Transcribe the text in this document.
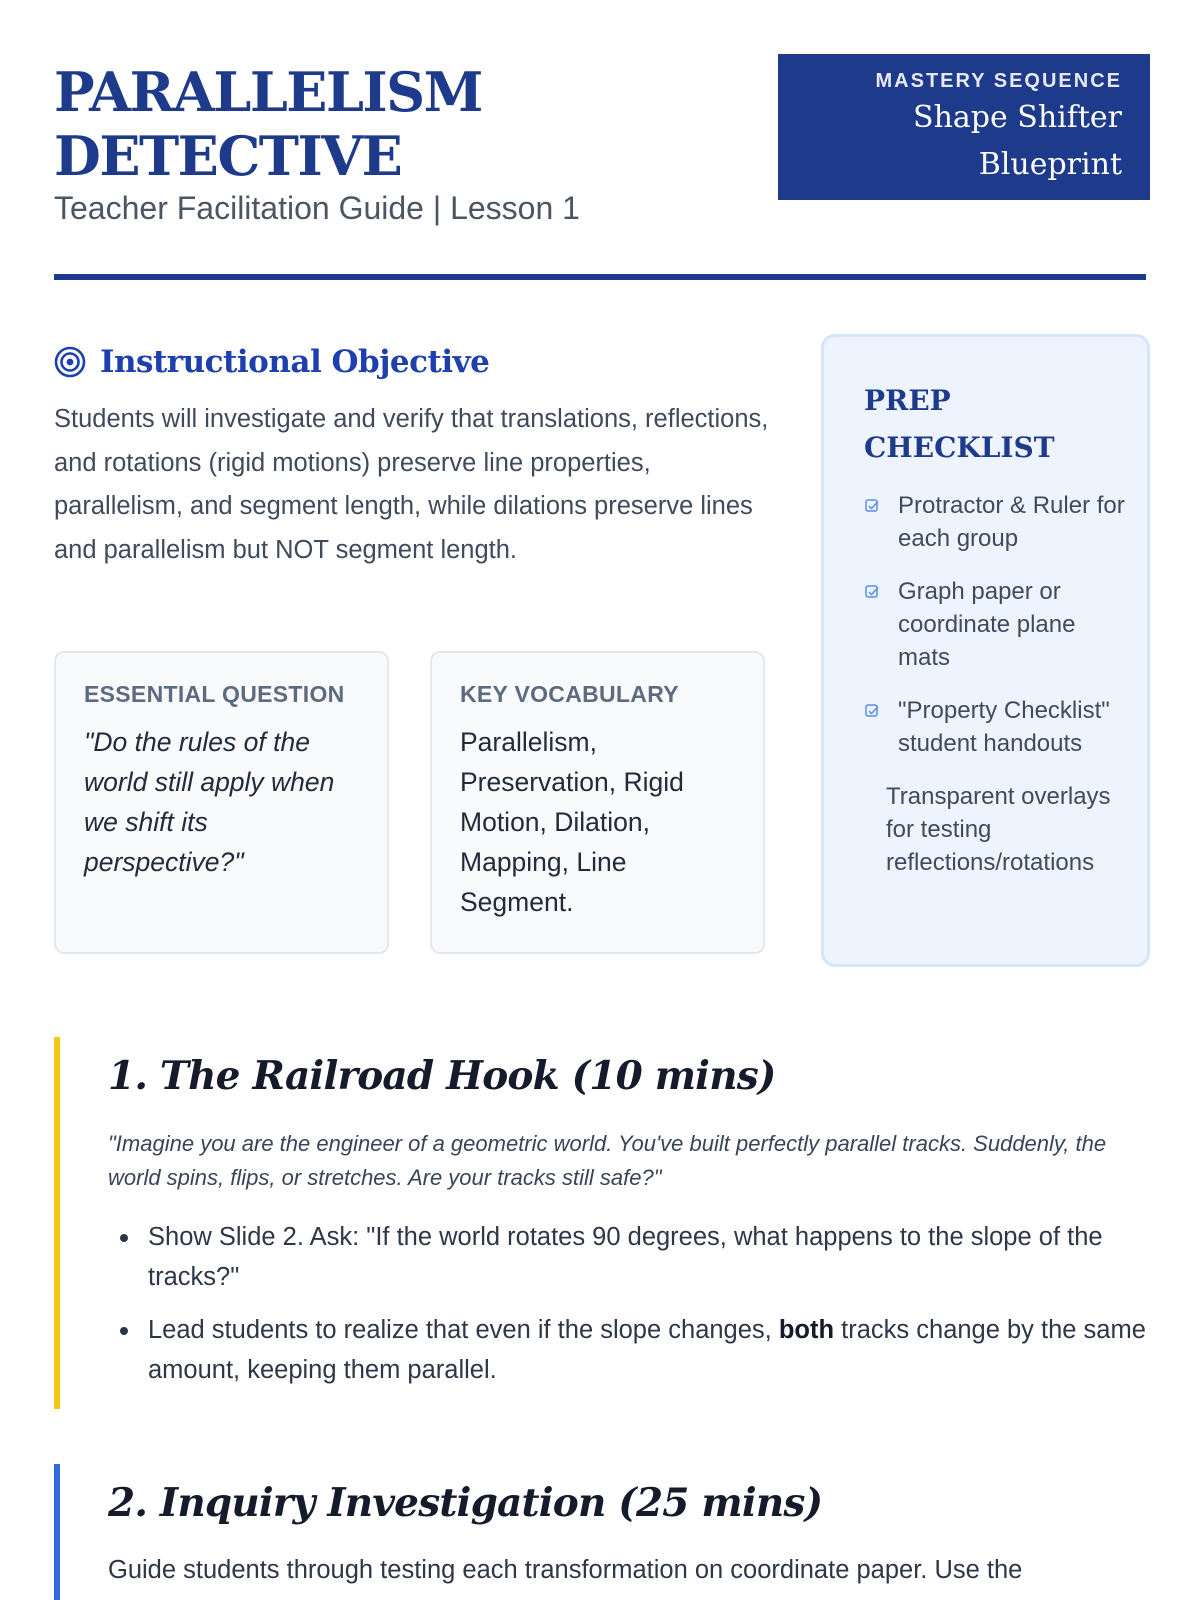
PARALLELISM
DETECTIVE
Teacher Facilitation Guide | Lesson 1
MASTERY SEQUENCE
Shape Shifter
Blueprint
Instructional Objective
Students will investigate and verify that translations, reflections, and rotations (rigid motions) preserve line properties, parallelism, and segment length, while dilations preserve lines and parallelism but NOT segment length.
ESSENTIAL QUESTION
"Do the rules of the world still apply when we shift its perspective?"
KEY VOCABULARY
Parallelism, Preservation, Rigid Motion, Dilation, Mapping, Line Segment.
PREP CHECKLIST
Protractor & Ruler for each group
Graph paper or coordinate plane mats
"Property Checklist" student handouts
Transparent overlays for testing reflections/rotations
1. The Railroad Hook (10 mins)
"Imagine you are the engineer of a geometric world. You've built perfectly parallel tracks. Suddenly, the world spins, flips, or stretches. Are your tracks still safe?"
Show Slide 2. Ask: "If the world rotates 90 degrees, what happens to the slope of the tracks?"
Lead students to realize that even if the slope changes, both tracks change by the same amount, keeping them parallel.
2. Inquiry Investigation (25 mins)
Guide students through testing each transformation on coordinate paper. Use the
